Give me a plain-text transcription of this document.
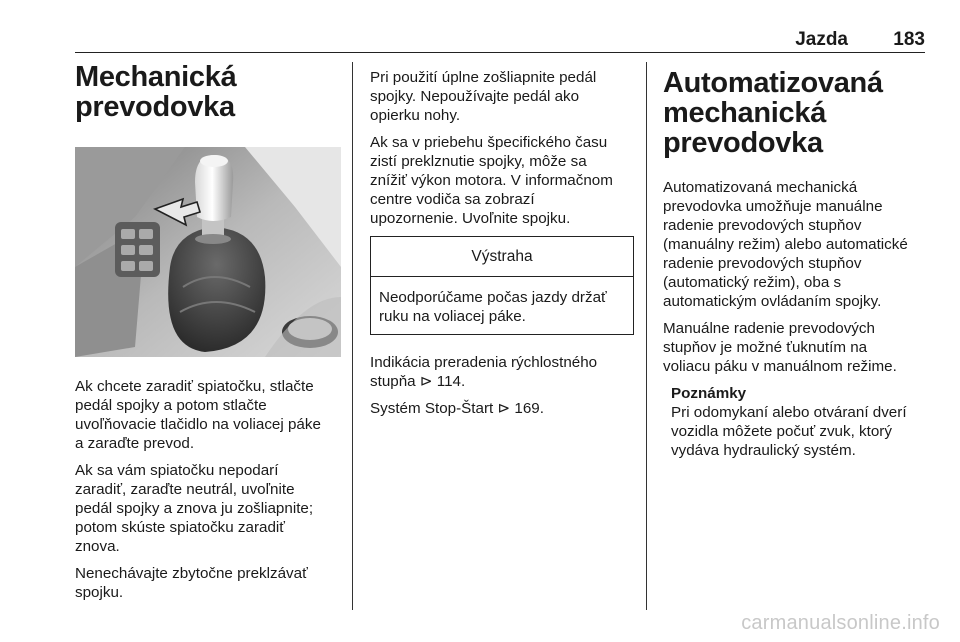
Jazda	183
Mechanická
prevodovka

Ak chcete zaradiť spiatočku, stlačte
pedál spojky a potom stlačte
uvoľňovacie tlačidlo na voliacej páke
a zaraďte prevod.

Ak sa vám spiatočku nepodarí
zaradiť, zaraďte neutrál, uvoľnite
pedál spojky a znova ju zošliapnite;
potom skúste spiatočku zaradiť
znova.

Nenechávajte zbytočne preklzávať
spojku.

Pri použití úplne zošliapnite pedál
spojky. Nepoužívajte pedál ako
opierku nohy.

Ak sa v priebehu špecifického času
zistí preklznutie spojky, môže sa
znížiť výkon motora. V informačnom
centre vodiča sa zobrazí
upozornenie. Uvoľnite spojku.

Výstraha
Neodporúčame počas jazdy držať
ruku na voliacej páke.

Indikácia preradenia rýchlostného
stupňa ⊳ 114.

Systém Stop-Štart ⊳ 169.

Automatizovaná
mechanická
prevodovka

Automatizovaná mechanická
prevodovka umožňuje manuálne
radenie prevodových stupňov
(manuálny režim) alebo automatické
radenie prevodových stupňov
(automatický režim), oba s
automatickým ovládaním spojky.

Manuálne radenie prevodových
stupňov je možné ťuknutím na
voliacu páku v manuálnom režime.

Poznámky
Pri odomykaní alebo otváraní dverí
vozidla môžete počuť zvuk, ktorý
vydáva hydraulický systém.
carmanualsonline.info
